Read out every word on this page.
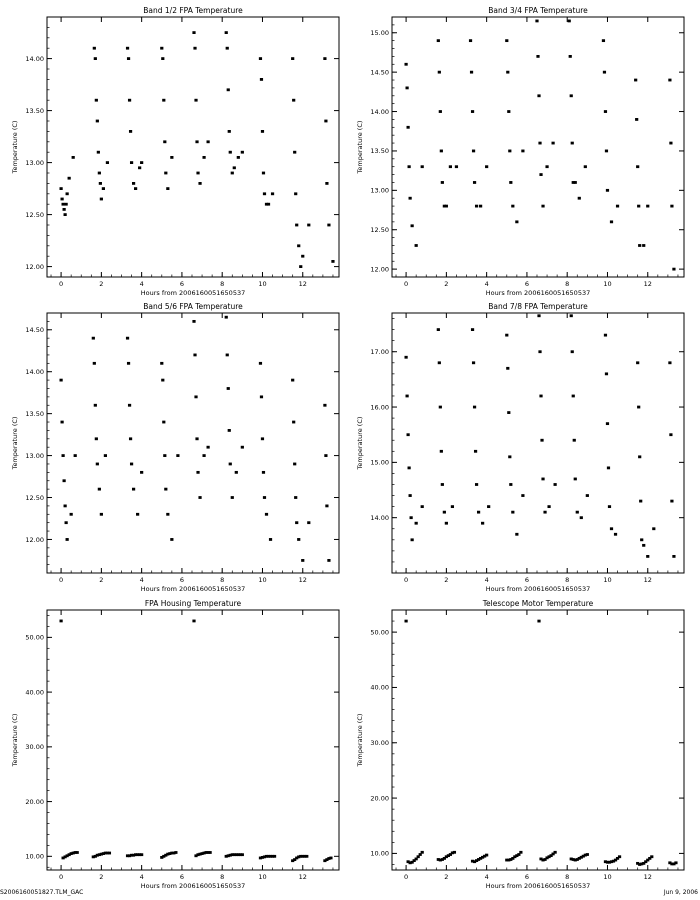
Band 1/2 FPA Temperature
0	2	4	6	8	10	12
12.00
12.50
13.00
13.50
14.00
Hours from 2006160051650537
Temperature (C)
Band 3/4 FPA Temperature
0	2	4	6	8	10	12
12.00
12.50
13.00
13.50
14.00
14.50
15.00
Hours from 2006160051650537
Temperature (C)
Band 5/6 FPA Temperature
0	2	4	6	8	10	12
12.00
12.50
13.00
13.50
14.00
14.50
Hours from 2006160051650537
Temperature (C)
Band 7/8 FPA Temperature
0	2	4	6	8	10	12
14.00
15.00
16.00
17.00
Hours from 2006160051650537
Temperature (C)
FPA Housing Temperature
0	2	4	6	8	10	12
10.00
20.00
30.00
40.00
50.00
Hours from 2006160051650537
Temperature (C)
Telescope Motor Temperature
0	2	4	6	8	10	12
10.00
20.00
30.00
40.00
50.00
Hours from 2006160051650537
Temperature (C)
S2006160051827.TLM_GAC	Jun 9, 2006
